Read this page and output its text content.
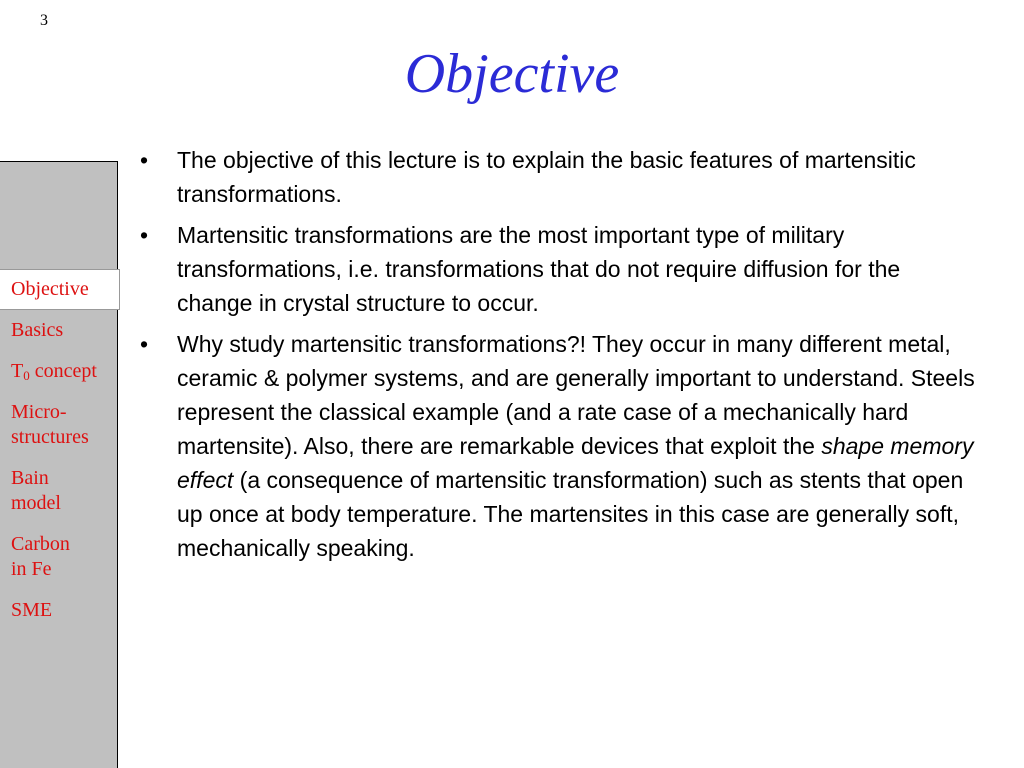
3
Objective
Objective
Basics
$T_0$ concept
Micro-
structures
Bain
model
Carbon
in Fe
SME
• The objective of this lecture is to explain the basic features of martensitic transformations.
• Martensitic transformations are the most important type of military transformations, i.e. transformations that do not require diffusion for the change in crystal structure to occur.
• Why study martensitic transformations?! They occur in many different metal, ceramic & polymer systems, and are generally important to understand. Steels represent the classical example (and a rate case of a mechanically hard martensite). Also, there are remarkable devices that exploit the shape memory effect (a consequence of martensitic transformation) such as stents that open up once at body temperature. The martensites in this case are generally soft, mechanically speaking.
